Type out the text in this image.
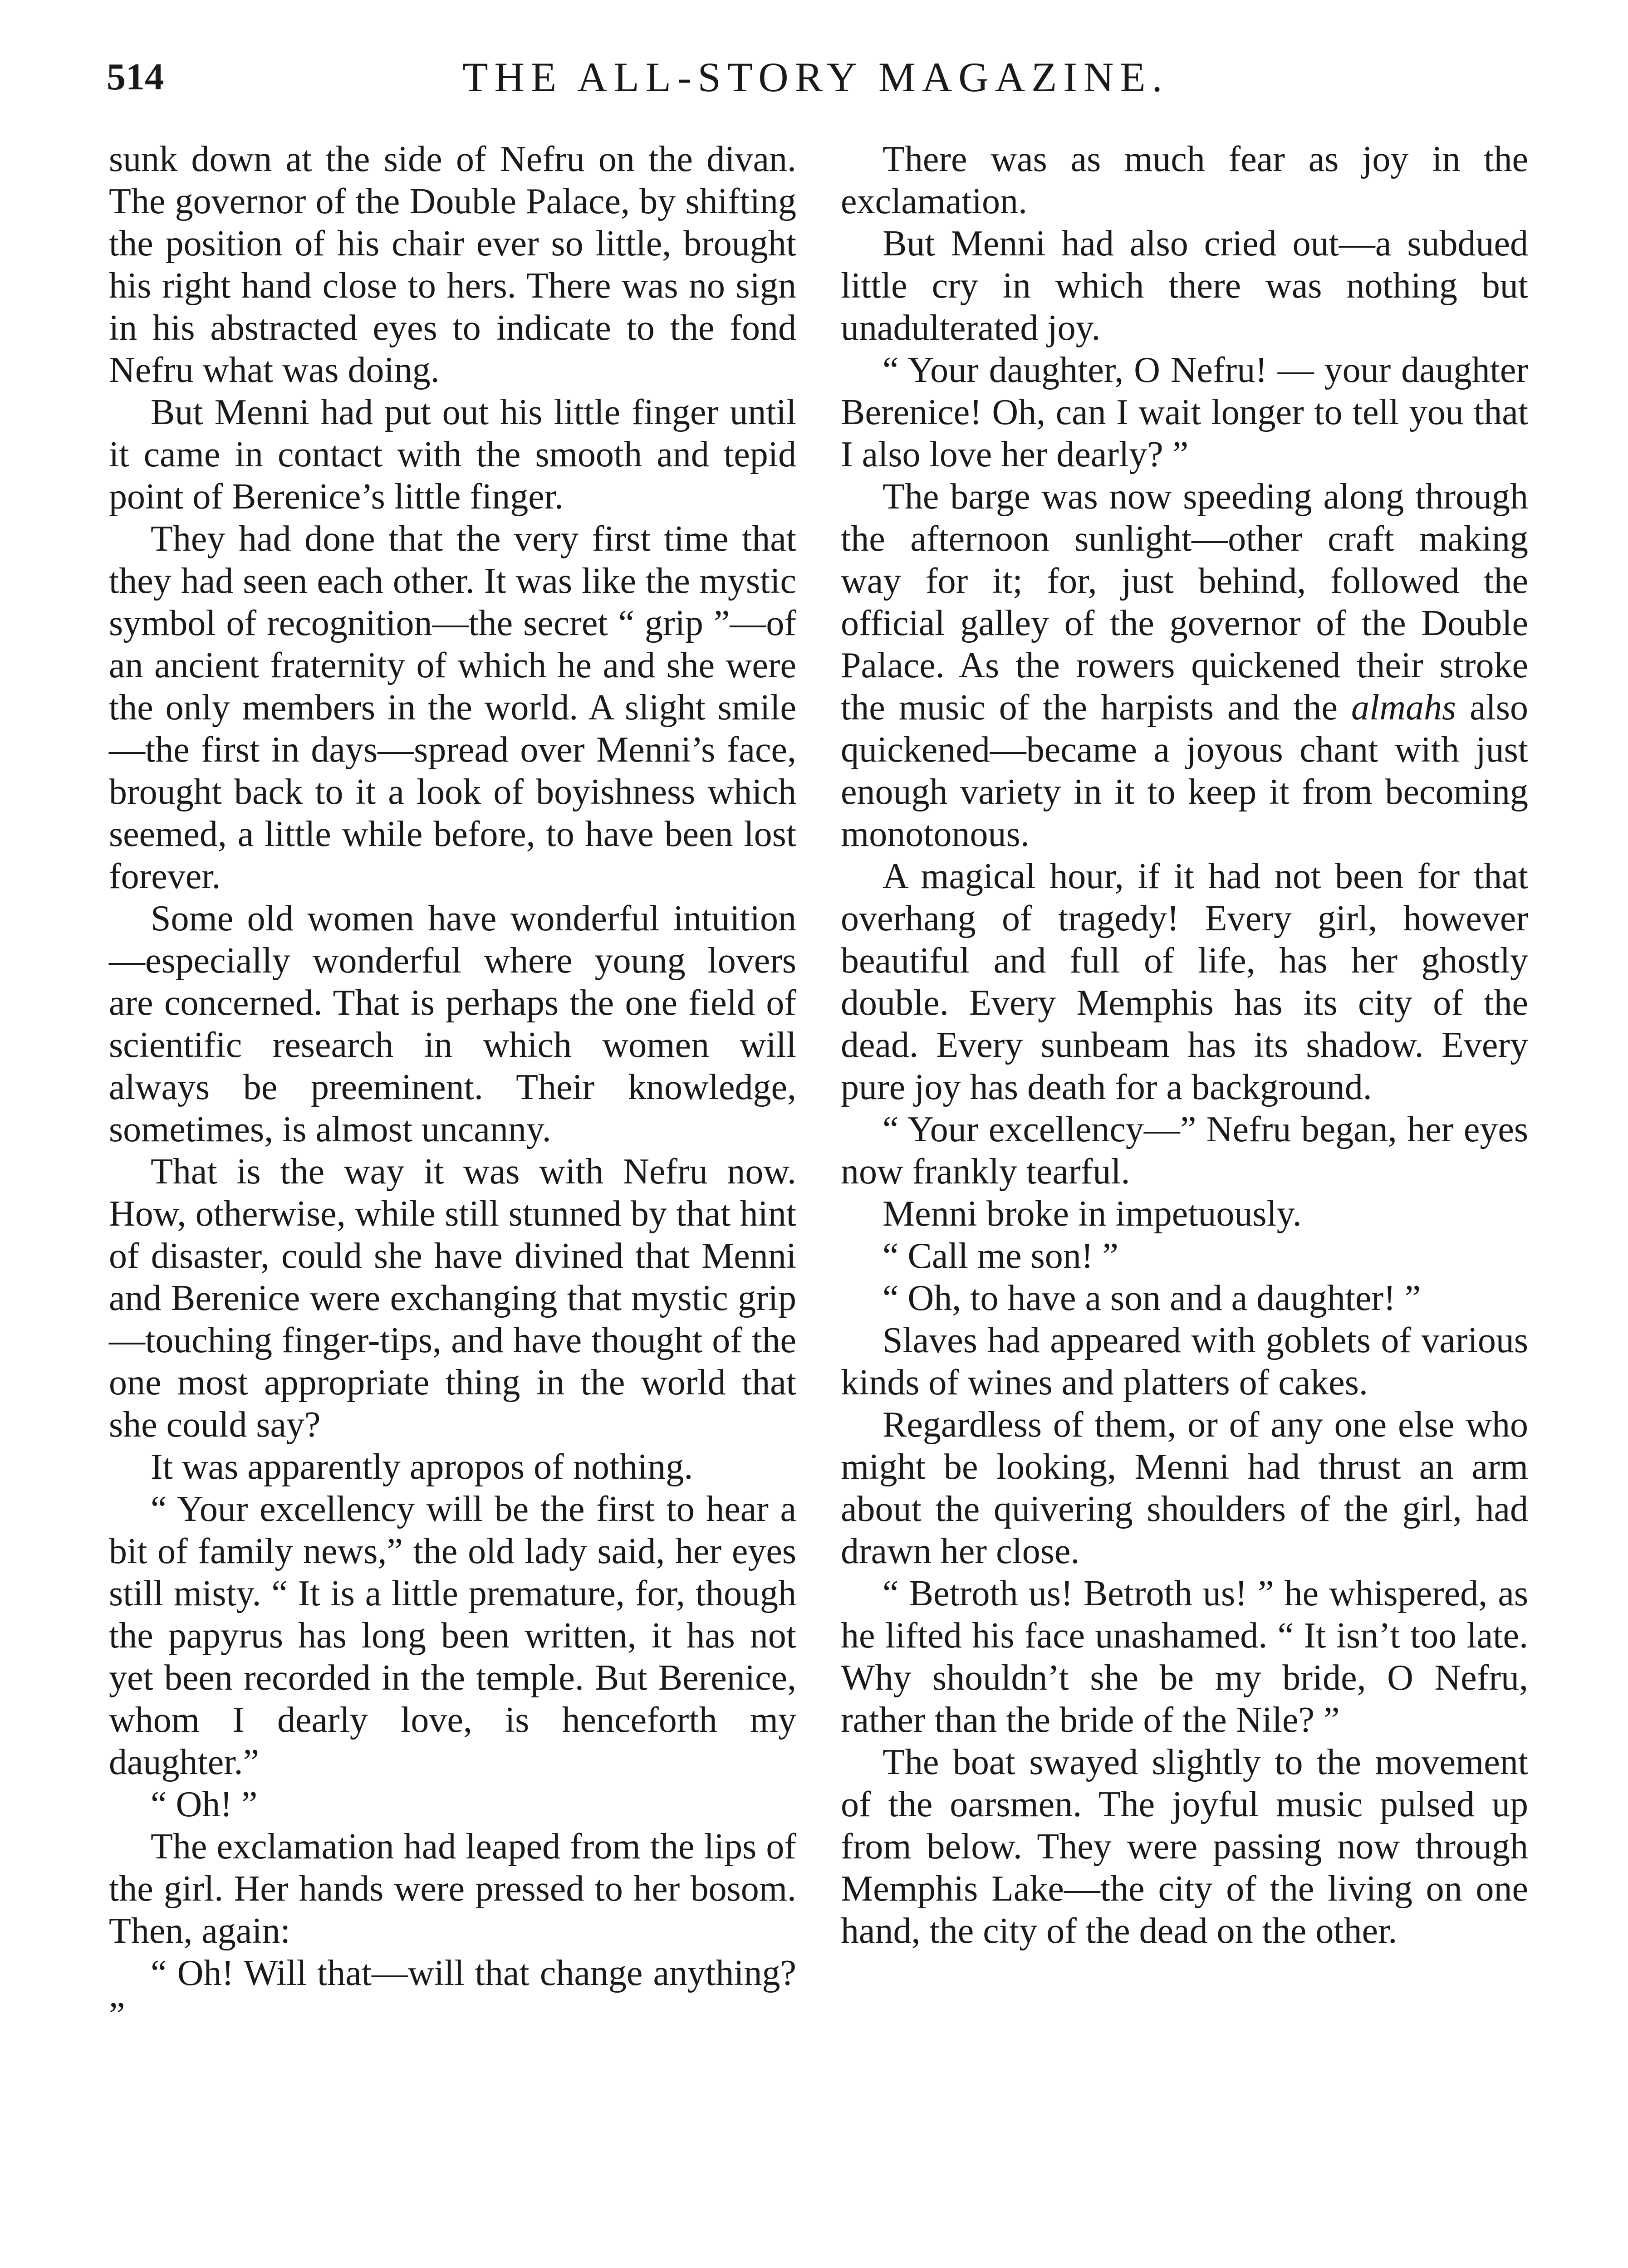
514	THE ALL-STORY MAGAZINE.

sunk down at the side of Nefru on the divan. The governor of the Double Palace, by shifting the position of his chair ever so little, brought his right hand close to hers. There was no sign in his abstracted eyes to indicate to the fond Nefru what was doing.

But Menni had put out his little finger until it came in contact with the smooth and tepid point of Berenice’s little finger.

They had done that the very first time that they had seen each other. It was like the mystic symbol of recognition—the secret “ grip ”—of an ancient fraternity of which he and she were the only members in the world. A slight smile—the first in days—spread over Menni’s face, brought back to it a look of boyishness which seemed, a little while before, to have been lost forever.

Some old women have wonderful intuition—especially wonderful where young lovers are concerned. That is perhaps the one field of scientific research in which women will always be preeminent. Their knowledge, sometimes, is almost uncanny.

That is the way it was with Nefru now. How, otherwise, while still stunned by that hint of disaster, could she have divined that Menni and Berenice were exchanging that mystic grip—touching finger-tips, and have thought of the one most appropriate thing in the world that she could say?

It was apparently apropos of nothing.

“ Your excellency will be the first to hear a bit of family news,” the old lady said, her eyes still misty. “ It is a little premature, for, though the papyrus has long been written, it has not yet been recorded in the temple. But Berenice, whom I dearly love, is henceforth my daughter.”

“ Oh! ”

The exclamation had leaped from the lips of the girl. Her hands were pressed to her bosom. Then, again:

“ Oh! Will that—will that change anything? ”

There was as much fear as joy in the exclamation.

But Menni had also cried out—a subdued little cry in which there was nothing but unadulterated joy.

“ Your daughter, O Nefru! — your daughter Berenice! Oh, can I wait longer to tell you that I also love her dearly? ”

The barge was now speeding along through the afternoon sunlight—other craft making way for it; for, just behind, followed the official galley of the governor of the Double Palace. As the rowers quickened their stroke the music of the harpists and the almahs also quickened—became a joyous chant with just enough variety in it to keep it from becoming monotonous.

A magical hour, if it had not been for that overhang of tragedy! Every girl, however beautiful and full of life, has her ghostly double. Every Memphis has its city of the dead. Every sunbeam has its shadow. Every pure joy has death for a background.

“ Your excellency—” Nefru began, her eyes now frankly tearful.

Menni broke in impetuously.

“ Call me son! ”

“ Oh, to have a son and a daughter! ”

Slaves had appeared with goblets of various kinds of wines and platters of cakes.

Regardless of them, or of any one else who might be looking, Menni had thrust an arm about the quivering shoulders of the girl, had drawn her close.

“ Betroth us! Betroth us! ” he whispered, as he lifted his face unashamed. “ It isn’t too late. Why shouldn’t she be my bride, O Nefru, rather than the bride of the Nile? ”

The boat swayed slightly to the movement of the oarsmen. The joyful music pulsed up from below. They were passing now through Memphis Lake—the city of the living on one hand, the city of the dead on the other.
